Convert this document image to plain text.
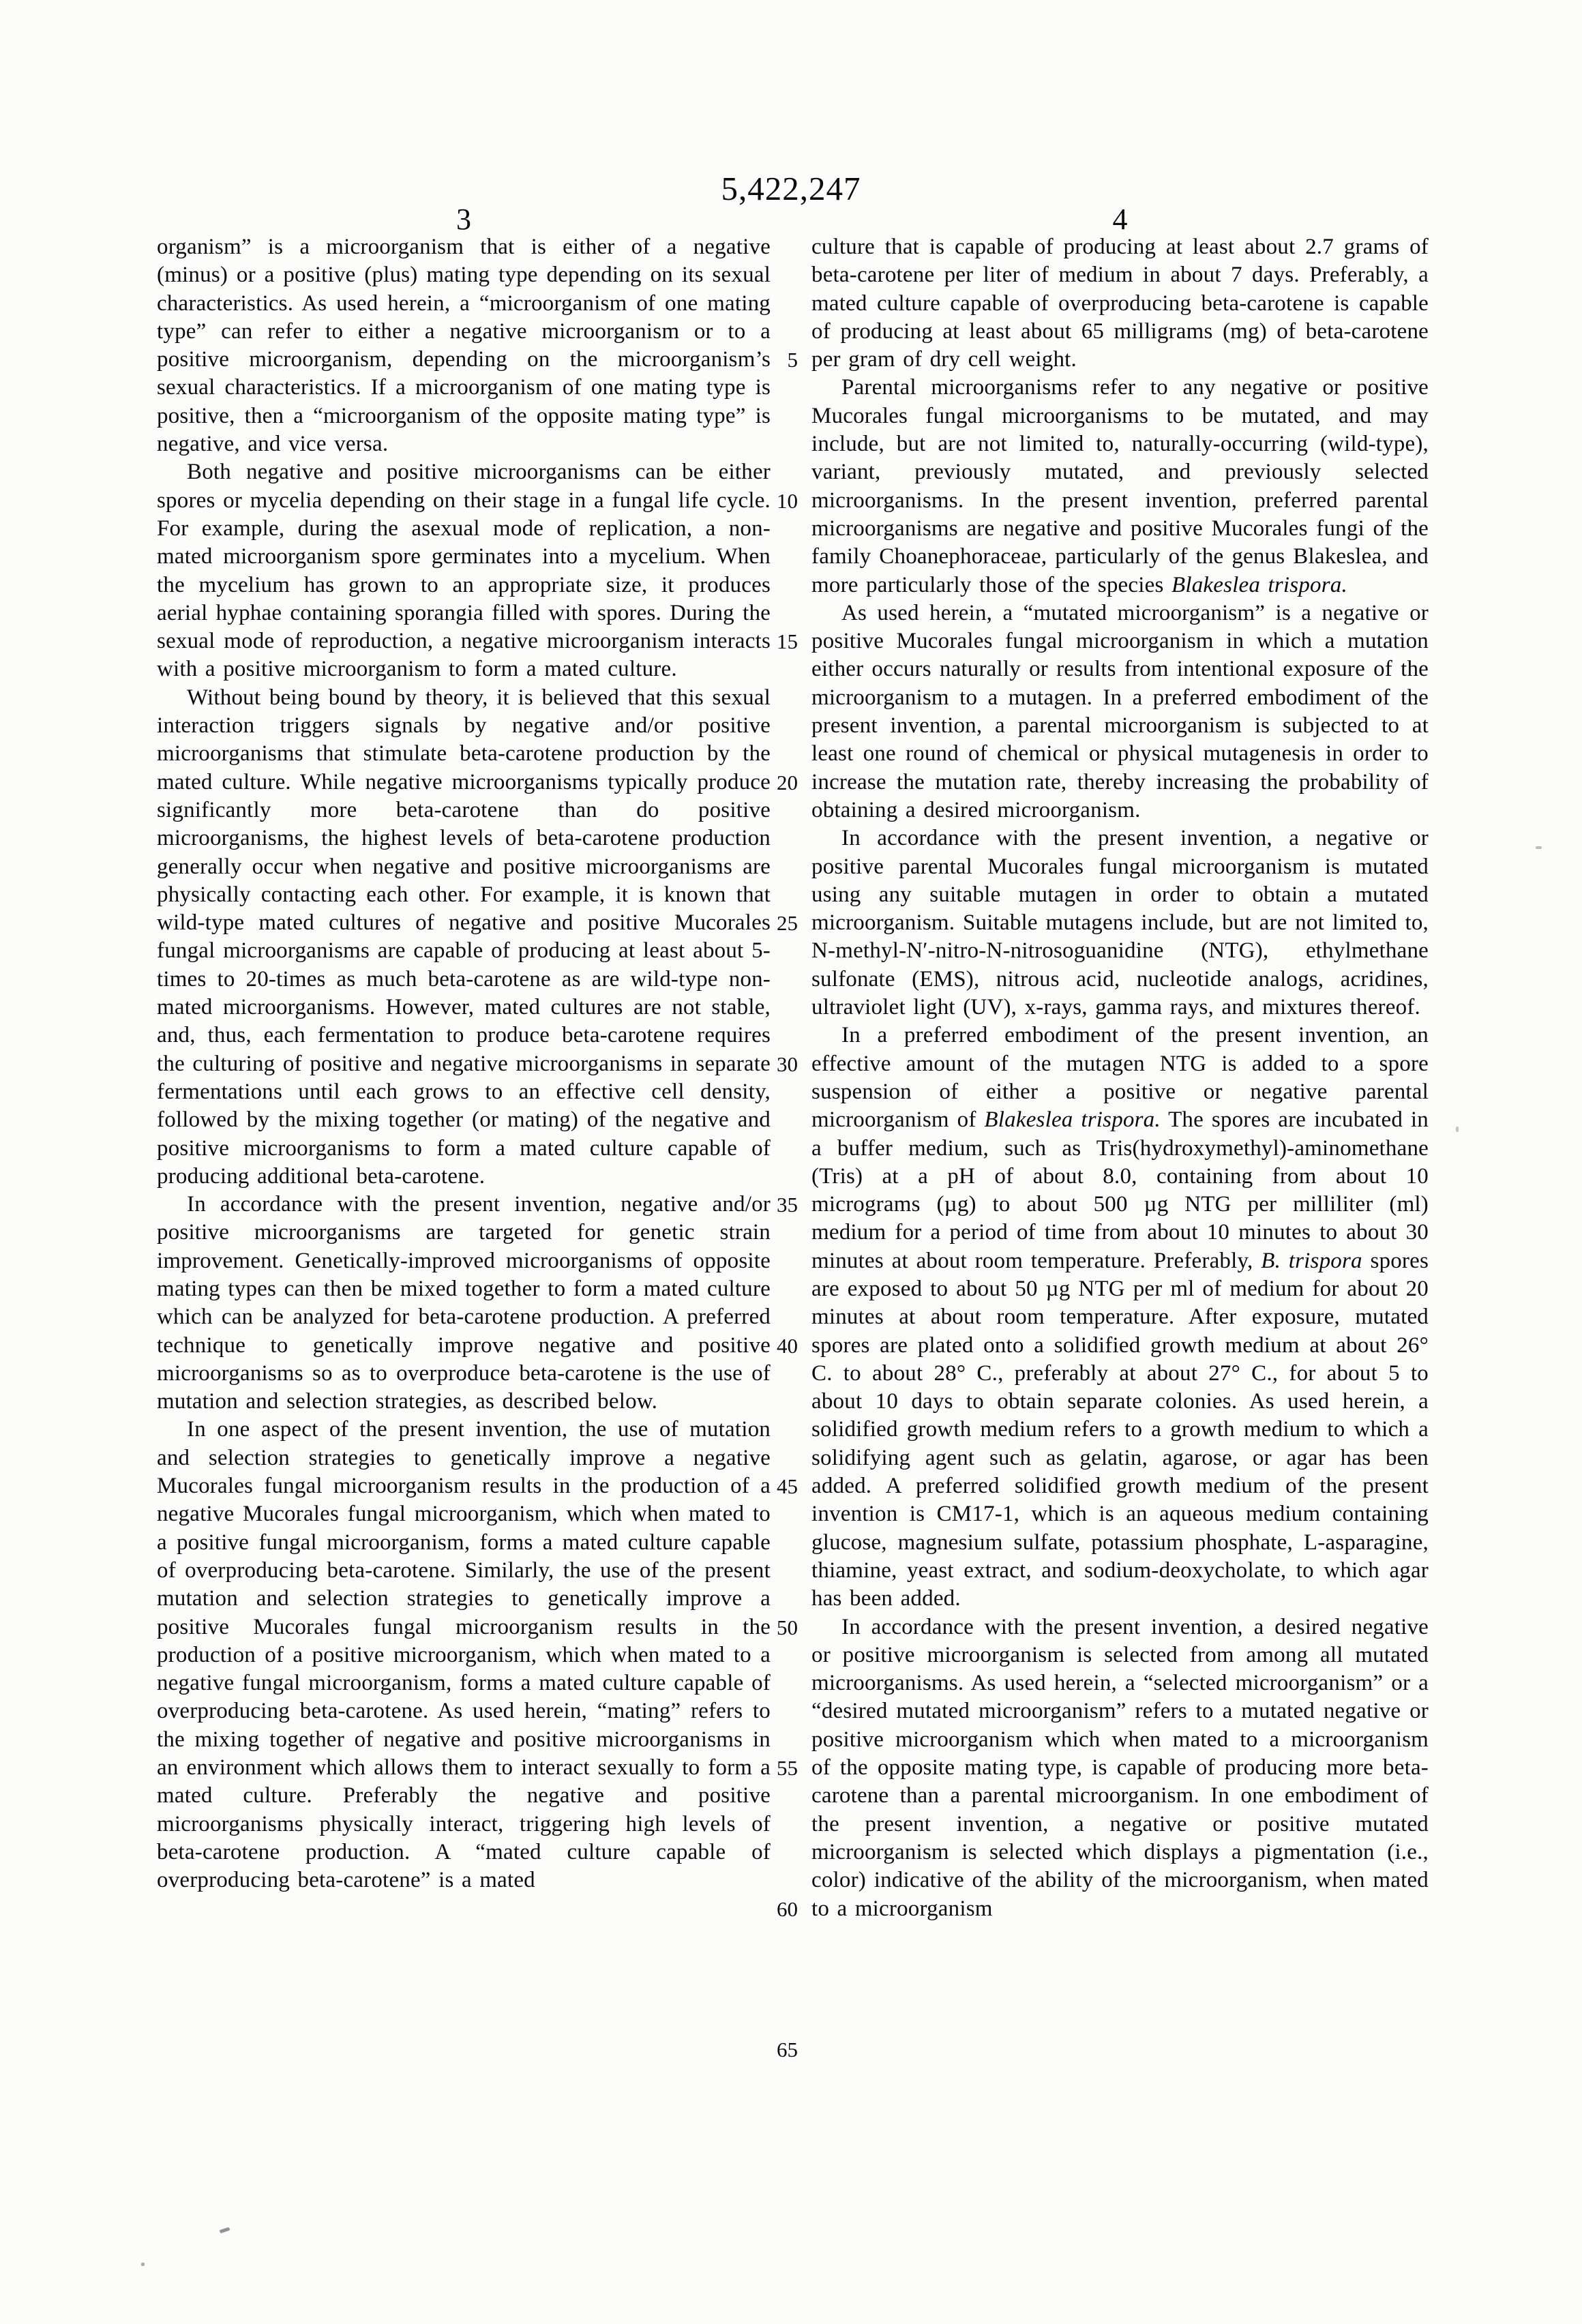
5,422,247
3	4

organism” is a microorganism that is either of a negative (minus) or a positive (plus) mating type depending on its sexual characteristics. As used herein, a “microorganism of one mating type” can refer to either a negative microorganism or to a positive microorganism, depending on the microorganism’s sexual characteristics. If a microorganism of one mating type is positive, then a “microorganism of the opposite mating type” is negative, and vice versa.

Both negative and positive microorganisms can be either spores or mycelia depending on their stage in a fungal life cycle. For example, during the asexual mode of replication, a non-mated microorganism spore germinates into a mycelium. When the mycelium has grown to an appropriate size, it produces aerial hyphae containing sporangia filled with spores. During the sexual mode of reproduction, a negative microorganism interacts with a positive microorganism to form a mated culture.

Without being bound by theory, it is believed that this sexual interaction triggers signals by negative and/or positive microorganisms that stimulate beta-carotene production by the mated culture. While negative microorganisms typically produce significantly more beta-carotene than do positive microorganisms, the highest levels of beta-carotene production generally occur when negative and positive microorganisms are physically contacting each other. For example, it is known that wild-type mated cultures of negative and positive Mucorales fungal microorganisms are capable of producing at least about 5-times to 20-times as much beta-carotene as are wild-type non-mated microorganisms. However, mated cultures are not stable, and, thus, each fermentation to produce beta-carotene requires the culturing of positive and negative microorganisms in separate fermentations until each grows to an effective cell density, followed by the mixing together (or mating) of the negative and positive microorganisms to form a mated culture capable of producing additional beta-carotene.

In accordance with the present invention, negative and/or positive microorganisms are targeted for genetic strain improvement. Genetically-improved microorganisms of opposite mating types can then be mixed together to form a mated culture which can be analyzed for beta-carotene production. A preferred technique to genetically improve negative and positive microorganisms so as to overproduce beta-carotene is the use of mutation and selection strategies, as described below.

In one aspect of the present invention, the use of mutation and selection strategies to genetically improve a negative Mucorales fungal microorganism results in the production of a negative Mucorales fungal microorganism, which when mated to a positive fungal microorganism, forms a mated culture capable of overproducing beta-carotene. Similarly, the use of the present mutation and selection strategies to genetically improve a positive Mucorales fungal microorganism results in the production of a positive microorganism, which when mated to a negative fungal microorganism, forms a mated culture capable of overproducing beta-carotene. As used herein, “mating” refers to the mixing together of negative and positive microorganisms in an environment which allows them to interact sexually to form a mated culture. Preferably the negative and positive microorganisms physically interact, triggering high levels of beta-carotene production. A “mated culture capable of overproducing beta-carotene” is a mated

5
10
15
20
25
30
35
40
45
50
55
60
65

culture that is capable of producing at least about 2.7 grams of beta-carotene per liter of medium in about 7 days. Preferably, a mated culture capable of overproducing beta-carotene is capable of producing at least about 65 milligrams (mg) of beta-carotene per gram of dry cell weight.

Parental microorganisms refer to any negative or positive Mucorales fungal microorganisms to be mutated, and may include, but are not limited to, naturally-occurring (wild-type), variant, previously mutated, and previously selected microorganisms. In the present invention, preferred parental microorganisms are negative and positive Mucorales fungi of the family Choanephoraceae, particularly of the genus Blakeslea, and more particularly those of the species Blakeslea trispora.

As used herein, a “mutated microorganism” is a negative or positive Mucorales fungal microorganism in which a mutation either occurs naturally or results from intentional exposure of the microorganism to a mutagen. In a preferred embodiment of the present invention, a parental microorganism is subjected to at least one round of chemical or physical mutagenesis in order to increase the mutation rate, thereby increasing the probability of obtaining a desired microorganism.

In accordance with the present invention, a negative or positive parental Mucorales fungal microorganism is mutated using any suitable mutagen in order to obtain a mutated microorganism. Suitable mutagens include, but are not limited to, N-methyl-N′-nitro-N-nitrosoguanidine (NTG), ethylmethane sulfonate (EMS), nitrous acid, nucleotide analogs, acridines, ultraviolet light (UV), x-rays, gamma rays, and mixtures thereof.

In a preferred embodiment of the present invention, an effective amount of the mutagen NTG is added to a spore suspension of either a positive or negative parental microorganism of Blakeslea trispora. The spores are incubated in a buffer medium, such as Tris(hydroxymethyl)-aminomethane (Tris) at a pH of about 8.0, containing from about 10 micrograms (µg) to about 500 µg NTG per milliliter (ml) medium for a period of time from about 10 minutes to about 30 minutes at about room temperature. Preferably, B. trispora spores are exposed to about 50 µg NTG per ml of medium for about 20 minutes at about room temperature. After exposure, mutated spores are plated onto a solidified growth medium at about 26° C. to about 28° C., preferably at about 27° C., for about 5 to about 10 days to obtain separate colonies. As used herein, a solidified growth medium refers to a growth medium to which a solidifying agent such as gelatin, agarose, or agar has been added. A preferred solidified growth medium of the present invention is CM17-1, which is an aqueous medium containing glucose, magnesium sulfate, potassium phosphate, L-asparagine, thiamine, yeast extract, and sodium-deoxycholate, to which agar has been added.

In accordance with the present invention, a desired negative or positive microorganism is selected from among all mutated microorganisms. As used herein, a “selected microorganism” or a “desired mutated microorganism” refers to a mutated negative or positive microorganism which when mated to a microorganism of the opposite mating type, is capable of producing more beta-carotene than a parental microorganism. In one embodiment of the present invention, a negative or positive mutated microorganism is selected which displays a pigmentation (i.e., color) indicative of the ability of the microorganism, when mated to a microorganism
